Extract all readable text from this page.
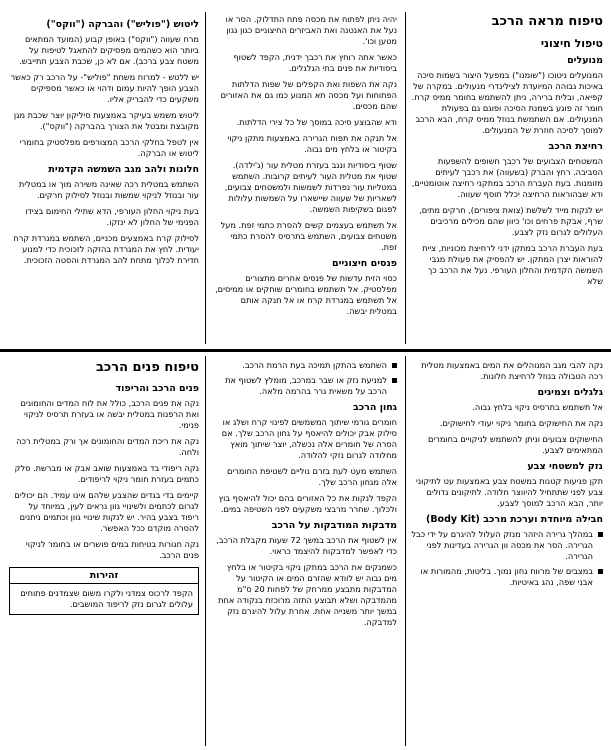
טיפוח מראה הרכב
טיפול חיצוני
מנועלים

המנועלים ניטוכו ("שומנו") במפעל היצור בשמות סיכה באיכות גבוהה המיועדת לצילינדרי מנעולים. במקרה של קפיאה, ובלית ברירה, ניתן להשתמש בחומר ממיס קרח. חומר זה פוגע בשמנת הסיכה ופוגם גם בפעולת המנעולים. אם השתמשת בנוזל ממיס קרח, הבא הרכב למוסך לסיכה חוזרת של המנעולים.

רחיצת הרכב

המשטחים הצבועים של רכבך חשופים להשפעות הסביבה. רחץ והברק (בשעווה) את רכבך לעיתים מזומנות. בעת העברת הרכב במתקני רחיצה אוטומטיים, ודא שבהוראות הרחיצה יכלל תוסף שעווה.

יש לנקות מייד לשלשת (צואת ציפורים), חרקים מתים, שרף, אבקת פרחים וכו' כיוון שהם מכילים מרכיבים העלולים לגרום נזק לצבע.

בעת העברת הרכב במתקן ידני לרחיצת מכוניות, ציית להוראות יצרן המתקן. יש להפסיק את פעולת מגבי השמשה הקדמית והחלון העורפי. נעל את הרכב כך שלא

יהיה ניתן לפתוח את מכסה פתח התדלוק. הסר או נעל את האנטנה ואת האביזרים החיצוניים כגון גגון מטען וכו'.

כאשר אתה רוחץ את רכבך ידנית, הקפד לשטוף ביסודיות את פנים בתי הגלגלים.

נקה את השפות ואת הקפלים של שפות הדלתות הפתוחות ועל מכסה תא המנוע כמו גם את האזורים שהם מכסים.

ודא שהבוצע סיכה במוסך של כל צירי הדלתות.

אל תנקה את תפוח הגרירה באמצעות מתקן ניקוי בקיטור או בלחץ מים גבוה.

שטוף ביסודיות ונגב בעזרת מטלית עור (ג'ילדה). שטוף את מטלית העור לעיתים קרובות. השתמש במטליות עור נפרדות לשמשות ולמשטחים צבועים, לשאריות של שעווה שיישארו על השמשות עלולות לפגום בשקיפות השמשה.

אל תשתמש בעצמים קשים להסרת כתמי זפת. מעל משטחים צבועים, השתמש בתרסיס להסרת כתמי זפת.

פנסים חיצוניים

כסוי הזית עדשות של פנסים אחרים מתצורים מפלסטיק. אל תשתמש בחומרים שוחקים או ממיסים, אל תשתמש במגרדת קרח או אל תנקה אותם במטלית יבשה.

ליטוש ("פוליש") והברקה ("ווקס")

מרח שעווה ("ווקס") באופן קבוע (המועד המתאים ביותר הוא כשהמים מפסיקים להתאגל לטיפות על משטח צבע ברכב). אם לא כן, שכבת הצבע תתייבש.

יש ללטש - למרוח משחת "פוליש"- על הרכב רק כאשר הצבע הופך להיות עמום ודהוי או כאשר מספיקים משקעים כדי להבריק אליו.

ליטוש משמש בעיקר באמצעות סיליקון יוצר שכבת מגן מקובצת ומבטל את הצורך בהברקה ("ווקס").

אין לטפל בחלקי הרכב המצורפים מפלסטיק בחומרי ליטוש או הברקה.

חלונות ולהב מגב השמשה הקדמית

השתמש במטלית רכה שאינה משירה מוך או במטלית עור ובנוזל לניקוי שמשות ובנוזל לסילוק חרקים.

בעת ניקוי החלון העורפי, הדא שתילי החימום בצידו הפנימי של החלון לא ינזקו.

לסילוק קרח באמצעים מכניים, השתמש במגרדת קרח יעודית. לחץ את המגרדת בהזקה לזכוכית כדי למנוע חדירת לכלוך מתחת להב המגרדת והסטה הזכוכית.

נקה להבי מגב המנוהלים את המים באמצעות מטלית רכה הטבולה בנוזל לרחיצת חלונות.

גלגלים וצמיגים

אל תשתמש בתרסיס ניקוי בלחץ גבוה.

נקה את החישוקים בחומר ניקוי יעודי לחישוקים.

החישוקים צבועים וניתן להשתמש לניקויים בחומרים המתאימים לצבע.

נזק למשטחי צבע

תקן פגיעות קטנות במשטח צבע באמצעות עט לתיקוני צבע לפני שתתחיל להיווצר חלודה. לתיקונים גדולים יותר, הבא הרכב למוסך לצבע.

חבילה מיוחדת וערכת מרכב (Body Kit)
במהלך גרירה היזהר מנזק העלול להיגרם על ידי כבל הגרירה. הסר את מכסה וון הגרירה בעדינות לפני הגרירה.
במצבים של מרווח גחון נמוך. בליטות, מהמורות או אבני שפה, נהג באיטיות.
השתמש בהתקן תמיכה בעת הרמת הרכב.
למניעת נזק או שבר במרכב, מומלץ לשטוף את הרכב על משאית גרר בהרמה מלאה.
גחון הרכב

חומרים גורמי שיתוך המשמשים לפינוי קרח ושלג או סילוק אבק יכולים להיאסף על גחון הרכב שלך. אם הסרה של חומרים אלה נכשלה, יוצר שיתוך מואץ מחלודה לגרום נזקי להלודה.

השתמש מעט לעת בזרם נוליים לשטיפת החומרים אלה מגחון הרכב שלך.

הקפד לנקות את כל האזורים בהם יכול להיאסף בוץ ולכלוך. שחרר מרבצי משקעים לפני השטיפה במים.

מדבקות המודבקות על הרכב

אין לשטוף את הרכב במשך 72 שעות מקבלת הרכב, כדי לאפשר למדבקות להיצמד כראוי.

כשמנקים את הרכב במתקן ניקוי בקיטור או בלחץ מים גבוה יש לוודא שהזרם המים או הקיטור על המדבקות מתבצע ממרחק של לפחות 20 ס"מ מהמדבקה ושלא תבוצע התזה מרוכזת בנקודה אחת במשך יותר משנייה אחת. אחרת עלול להיגרם נזק למדבקה.

טיפוח פנים הרכב
פנים הרכב והריפוד

נקה את פנים הרכב, כולל את לוח המדים והחומונים ואת הרפנות במטלית יבשה או בעזרת תרסיס לניקוי פנימי.

נקה את ריכת המדים והחומונים אך ורק במטלית רכה ולחה.

נקה ריפודי בד באמצעות שואב אבק או מברשת. סלק כתמים בעזרת חומר ניקוי לריפודים.

קיימים בדי בגדים שהצבע שלהם אינו עמיד. הם יכולים לגרום לכתמים ולשינויי גוון נראים לעין, במיוחד על ריפוד בצבע בהיר. יש לנקות שינויי גוון וכתמים ניתנים להסרה מוקדם ככל האפשר.

נקה חגורות בטיחות במים פושרים או בחומר לניקוי פנים הרכב.

זהירות
הקפד לרכוס צמדני ולקרו משום שצמדנים פתוחים עלולים לגרום נזק לריפוד המושבים.
